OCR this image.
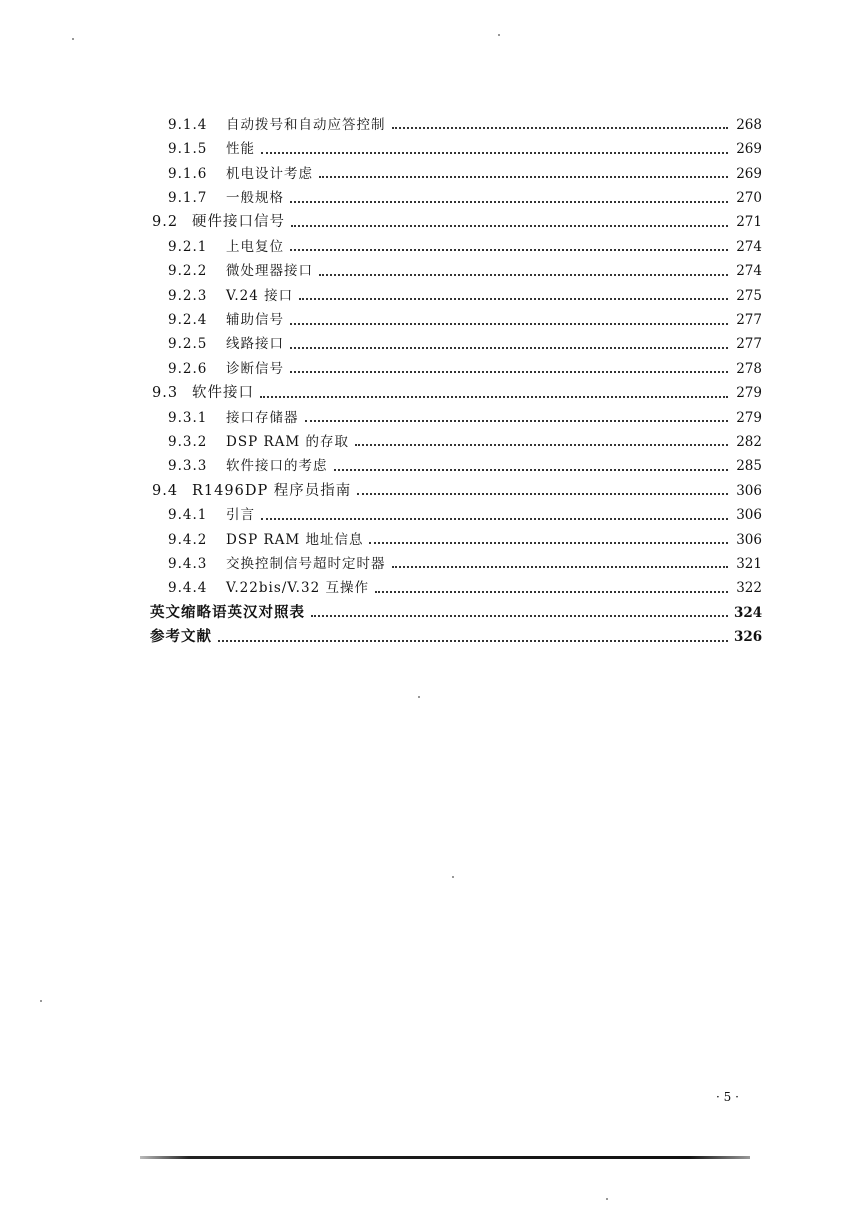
9.1.4	自动拨号和自动应答控制	268
9.1.5	性能	269
9.1.6	机电设计考虑	269
9.1.7	一般规格	270
9.2 硬件接口信号	271
9.2.1	上电复位	274
9.2.2	微处理器接口	274
9.2.3	V.24 接口	275
9.2.4	辅助信号	277
9.2.5	线路接口	277
9.2.6	诊断信号	278
9.3 软件接口	279
9.3.1	接口存储器	279
9.3.2	DSP RAM 的存取	282
9.3.3	软件接口的考虑	285
9.4 R1496DP 程序员指南	306
9.4.1	引言	306
9.4.2	DSP RAM 地址信息	306
9.4.3	交换控制信号超时定时器	321
9.4.4	V.22bis/V.32 互操作	322
英文缩略语英汉对照表	324
参考文献	326
· 5 ·
